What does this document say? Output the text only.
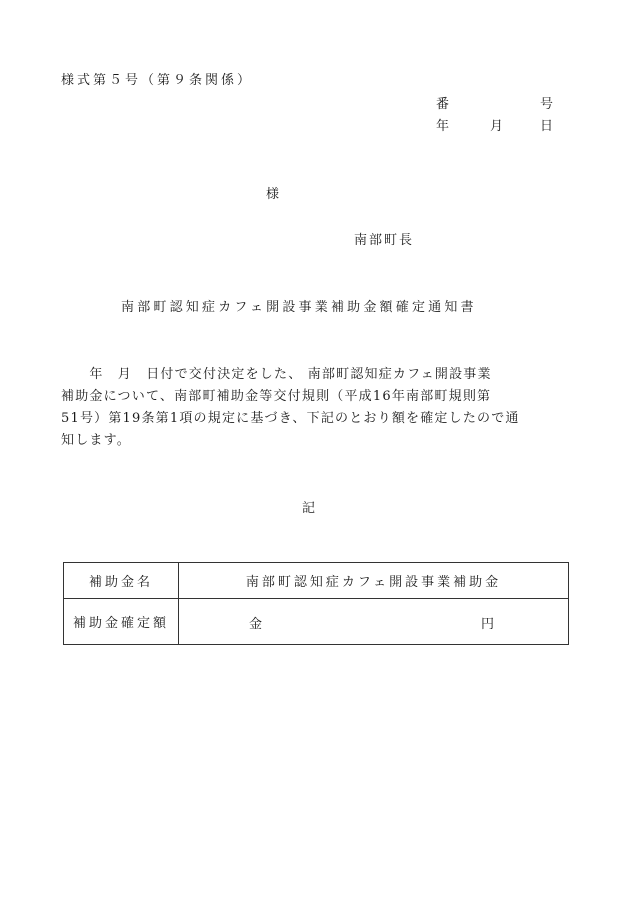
様式第５号（第９条関係）
番	号
年	月	日
様
南部町長
南部町認知症カフェ開設事業補助金額確定通知書
　　年　月　日付で交付決定をした、 南部町認知症カフェ開設事業
補助金について、南部町補助金等交付規則（平成16年南部町規則第
51号）第19条第1項の規定に基づき、下記のとおり額を確定したので通
知します。
記
補助金名	南部町認知症カフェ開設事業補助金
補助金確定額	金 円
